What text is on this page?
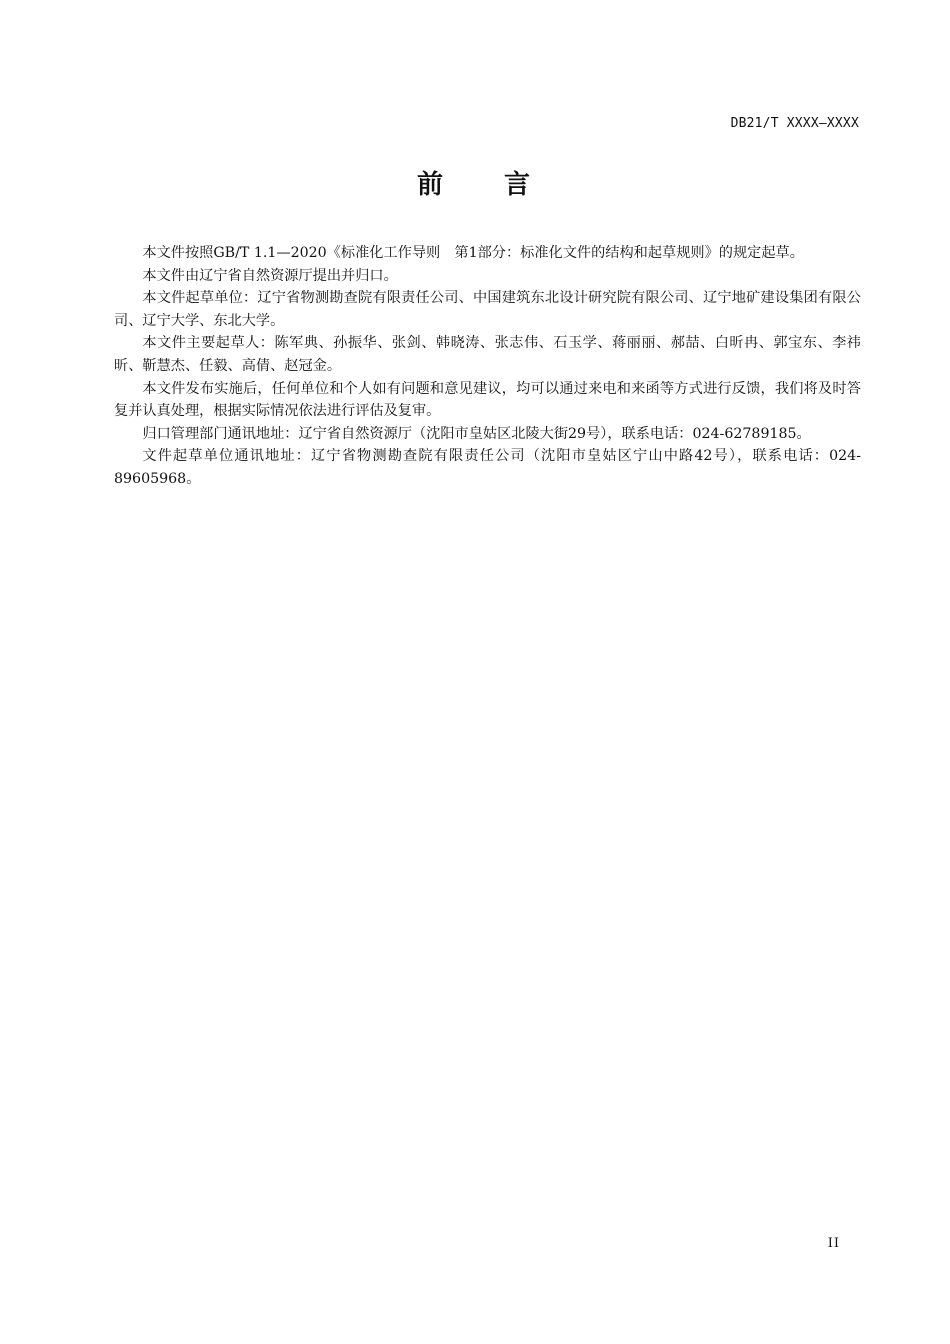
DB21/T XXXX—XXXX
前　　言

本文件按照GB/T 1.1—2020《标准化工作导则　第1部分：标准化文件的结构和起草规则》的规定起草。

本文件由辽宁省自然资源厅提出并归口。

本文件起草单位：辽宁省物测勘查院有限责任公司、中国建筑东北设计研究院有限公司、辽宁地矿建设集团有限公司、辽宁大学、东北大学。

本文件主要起草人：陈军典、孙振华、张剑、韩晓涛、张志伟、石玉学、蒋丽丽、郝喆、白昕冉、郭宝东、李祎昕、靳慧杰、任毅、高倩、赵冠金。

本文件发布实施后，任何单位和个人如有问题和意见建议，均可以通过来电和来函等方式进行反馈，我们将及时答复并认真处理，根据实际情况依法进行评估及复审。

归口管理部门通讯地址：辽宁省自然资源厅（沈阳市皇姑区北陵大街29号），联系电话：024-62789185。

文件起草单位通讯地址：辽宁省物测勘查院有限责任公司（沈阳市皇姑区宁山中路42号），联系电话：024-89605968。

II
